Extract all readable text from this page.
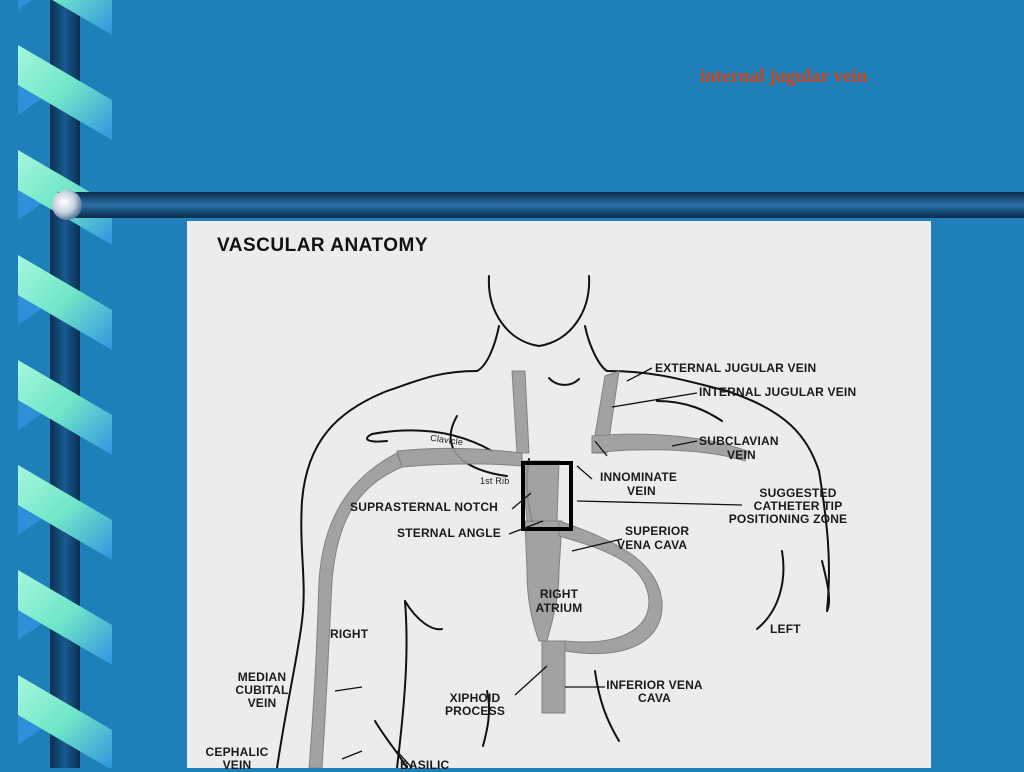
internal jugular vein
VASCULAR ANATOMY
EXTERNAL JUGULAR VEIN
INTERNAL JUGULAR VEIN
SUBCLAVIAN
VEIN
Clavicle
1st Rib	INNOMINATE
VEIN	SUGGESTED
CATHETER TIP
POSITIONING ZONE
SUPRASTERNAL NOTCH
STERNAL ANGLE	SUPERIOR
VENA CAVA
RIGHT
ATRIUM
RIGHT	LEFT
MEDIAN
CUBITAL
VEIN	XIPHOID
PROCESS
INFERIOR VENA
CAVA
CEPHALIC
VEIN	BASILIC
